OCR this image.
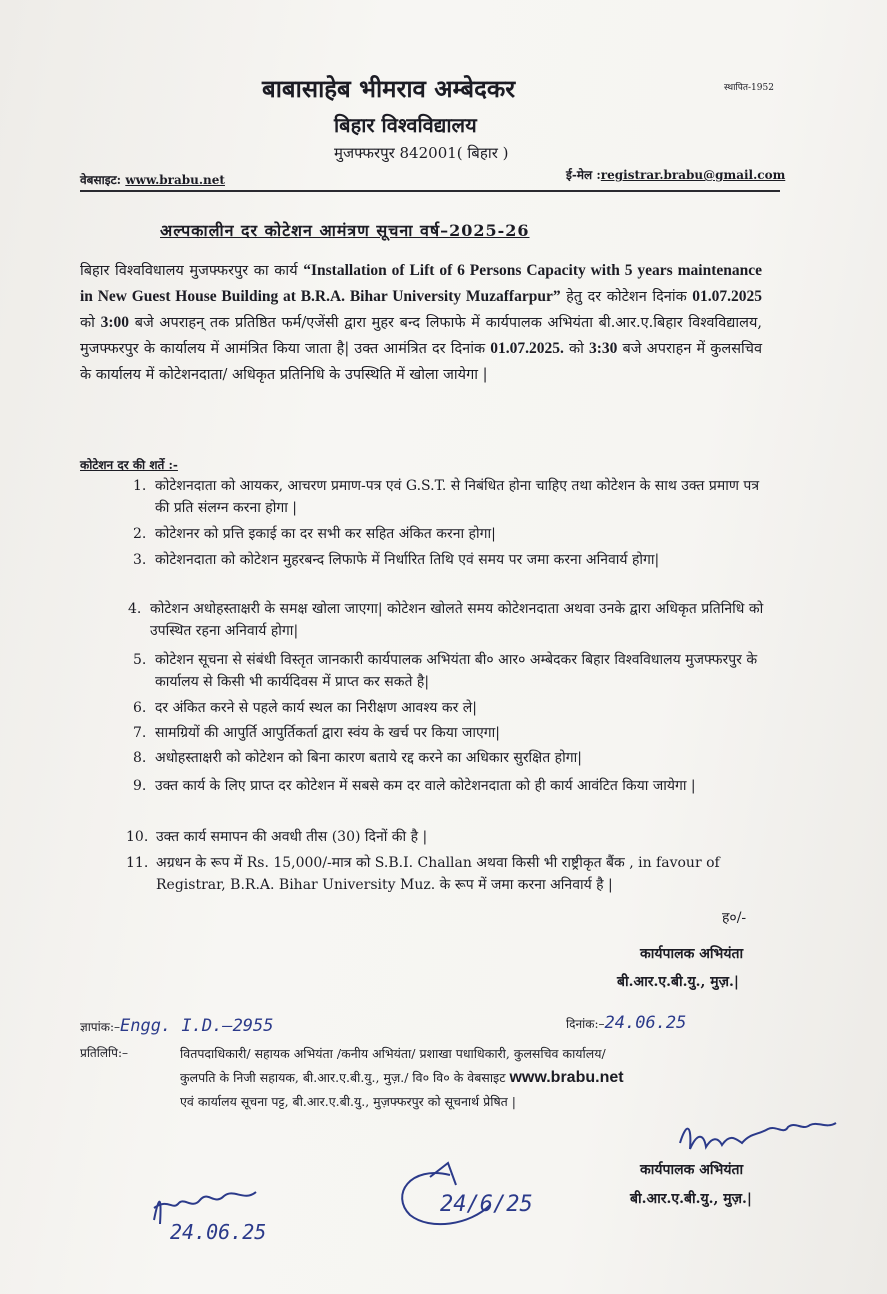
बाबासाहेब भीमराव अम्बेदकर	स्थापित-1952
बिहार विश्वविद्यालय
मुजफ्फरपुर 842001( बिहार )
वेबसाइट: www.brabu.net	ई-मेल :registrar.brabu@gmail.com
अल्पकालीन दर कोटेशन आमंत्रण सूचना वर्ष–2025-26
बिहार विश्वविधालय मुजफ्फरपुर का कार्य “Installation of Lift of 6 Persons Capacity with 5 years maintenance in New Guest House Building at B.R.A. Bihar University Muzaffarpur” हेतु दर कोटेशन दिनांक 01.07.2025 को 3:00 बजे अपराहन् तक प्रतिष्ठित फर्म/एजेंसी द्वारा मुहर बन्द लिफाफे में कार्यपालक अभियंता बी.आर.ए.बिहार विश्वविद्यालय, मुजफ्फरपुर के कार्यालय में आमंत्रित किया जाता है| उक्त आमंत्रित दर दिनांक 01.07.2025. को 3:30 बजे अपराहन में कुलसचिव के कार्यालय में कोटेशनदाता/ अधिकृत प्रतिनिधि के उपस्थिति में खोला जायेगा |
कोटेशन दर की शर्ते :-
1. कोटेशनदाता को आयकर, आचरण प्रमाण-पत्र एवं G.S.T. से निबंधित होना चाहिए तथा कोटेशन के साथ उक्त प्रमाण पत्र की प्रति संलग्न करना होगा |
2. कोटेशनर को प्रत्ति इकाई का दर सभी कर सहित अंकित करना होगा|
3. कोटेशनदाता को कोटेशन मुहरबन्द लिफाफे में निर्धारित तिथि एवं समय पर जमा करना अनिवार्य होगा|
4. कोटेशन अधोहस्ताक्षरी के समक्ष खोला जाएगा| कोटेशन खोलते समय कोटेशनदाता अथवा उनके द्वारा अधिकृत प्रतिनिधि को उपस्थित रहना अनिवार्य होगा|
5. कोटेशन सूचना से संबंधी विस्तृत जानकारी कार्यपालक अभियंता बी० आर० अम्बेदकर बिहार विश्वविधालय मुजफ्फरपुर के कार्यालय से किसी भी कार्यदिवस में प्राप्त कर सकते है|
6. दर अंकित करने से पहले कार्य स्थल का निरीक्षण आवश्य कर ले|
7. सामग्रियों की आपुर्ति आपुर्तिकर्ता द्वारा स्वंय के खर्च पर किया जाएगा|
8. अधोहस्ताक्षरी को कोटेशन को बिना कारण बताये रद्द करने का अधिकार सुरक्षित होगा|
9. उक्त कार्य के लिए प्राप्त दर कोटेशन में सबसे कम दर वाले कोटेशनदाता को ही कार्य आवंटित किया जायेगा |
10. उक्त कार्य समापन की अवधी तीस (30) दिनों की है |
11. अग्रधन के रूप में Rs. 15,000/-मात्र को S.B.I. Challan अथवा किसी भी राष्ट्रीकृत बैंक , in favour of Registrar, B.R.A. Bihar University Muz. के रूप में जमा करना अनिवार्य है |
ह०/-
कार्यपालक अभियंता
बी.आर.ए.बी.यु., मुज़.|
ज्ञापांक:–Engg. I.D.–2955	दिनांक:–24.06.25
प्रतिलिपि:–	वितपदाधिकारी/ सहायक अभियंता /कनीय अभियंता/ प्रशाखा पधाधिकारी, कुलसचिव कार्यालय/
कुलपति के निजी सहायक, बी.आर.ए.बी.यु., मुज़./ वि० वि० के वेबसाइट www.brabu.net
एवं कार्यालय सूचना पट्ट, बी.आर.ए.बी.यु., मुज़फ्फरपुर को सूचनार्थ प्रेषित |
कार्यपालक अभियंता
बी.आर.ए.बी.यु., मुज़.|
24/6/25
24.06.25
